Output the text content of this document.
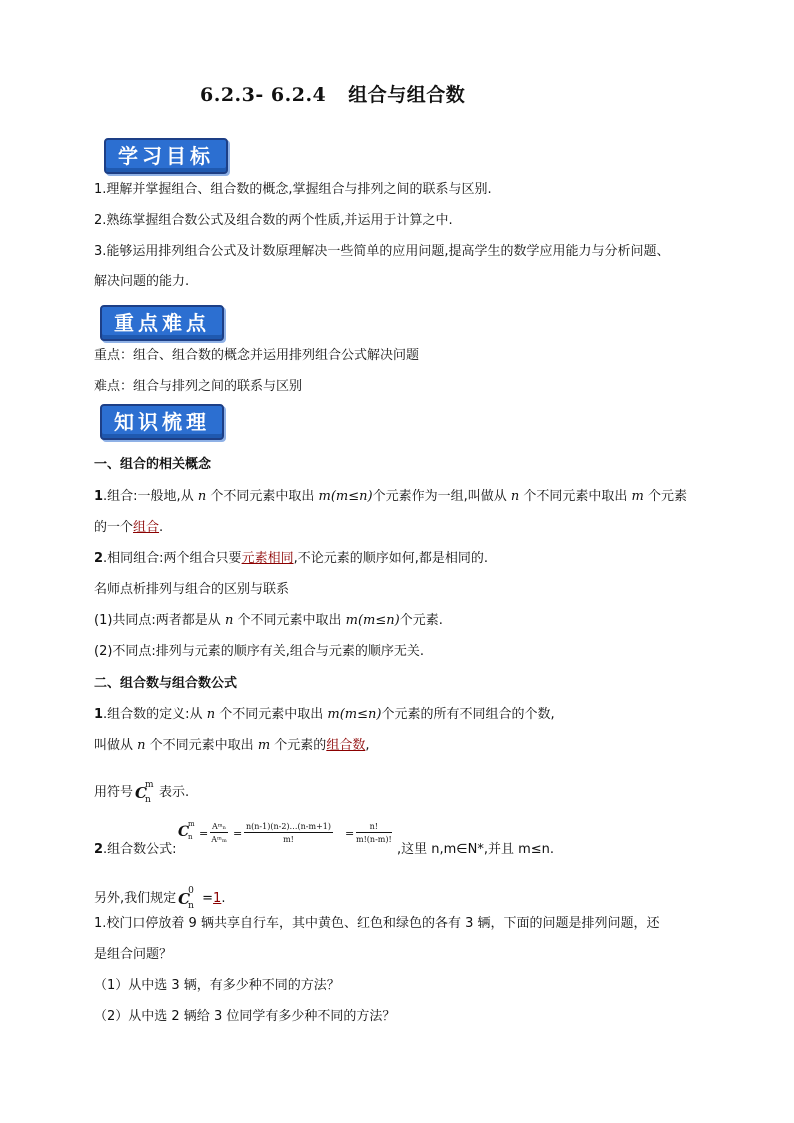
6.2.3- 6.2.4 组合与组合数
学习目标
1.理解并掌握组合、组合数的概念,掌握组合与排列之间的联系与区别.
2.熟练掌握组合数公式及组合数的两个性质,并运用于计算之中.
3.能够运用排列组合公式及计数原理解决一些简单的应用问题,提高学生的数学应用能力与分析问题、
解决问题的能力.
重点难点
重点：组合、组合数的概念并运用排列组合公式解决问题
难点：组合与排列之间的联系与区别
知识梳理
一、组合的相关概念
1.组合:一般地,从 n 个不同元素中取出 m(m≤n)个元素作为一组,叫做从 n 个不同元素中取出 m 个元素
的一个组合.
2.相同组合:两个组合只要元素相同,不论元素的顺序如何,都是相同的.
名师点析排列与组合的区别与联系
(1)共同点:两者都是从 n 个不同元素中取出 m(m≤n)个元素.
(2)不同点:排列与元素的顺序有关,组合与元素的顺序无关.
二、组合数与组合数公式
1.组合数的定义:从 n 个不同元素中取出 m(m≤n)个元素的所有不同组合的个数,
叫做从 n 个不同元素中取出 m 个元素的组合数,
用符号 C
m
n 表示.
2.组合数公式:
C
m
n =
Aᵐₙ
Aᵐₘ = $\frac{n(n-1)(n-2)\dots(n-m+1)}{m!} = \frac{n!}{m!(n-m)!}$
,这里 n,m∈N*,并且 m≤n.
另外,我们规定 C
0
n =1.
1.校门口停放着 9 辆共享自行车，其中黄色、红色和绿色的各有 3 辆，下面的问题是排列问题，还
是组合问题？
（1）从中选 3 辆，有多少种不同的方法？
（2）从中选 2 辆给 3 位同学有多少种不同的方法？
